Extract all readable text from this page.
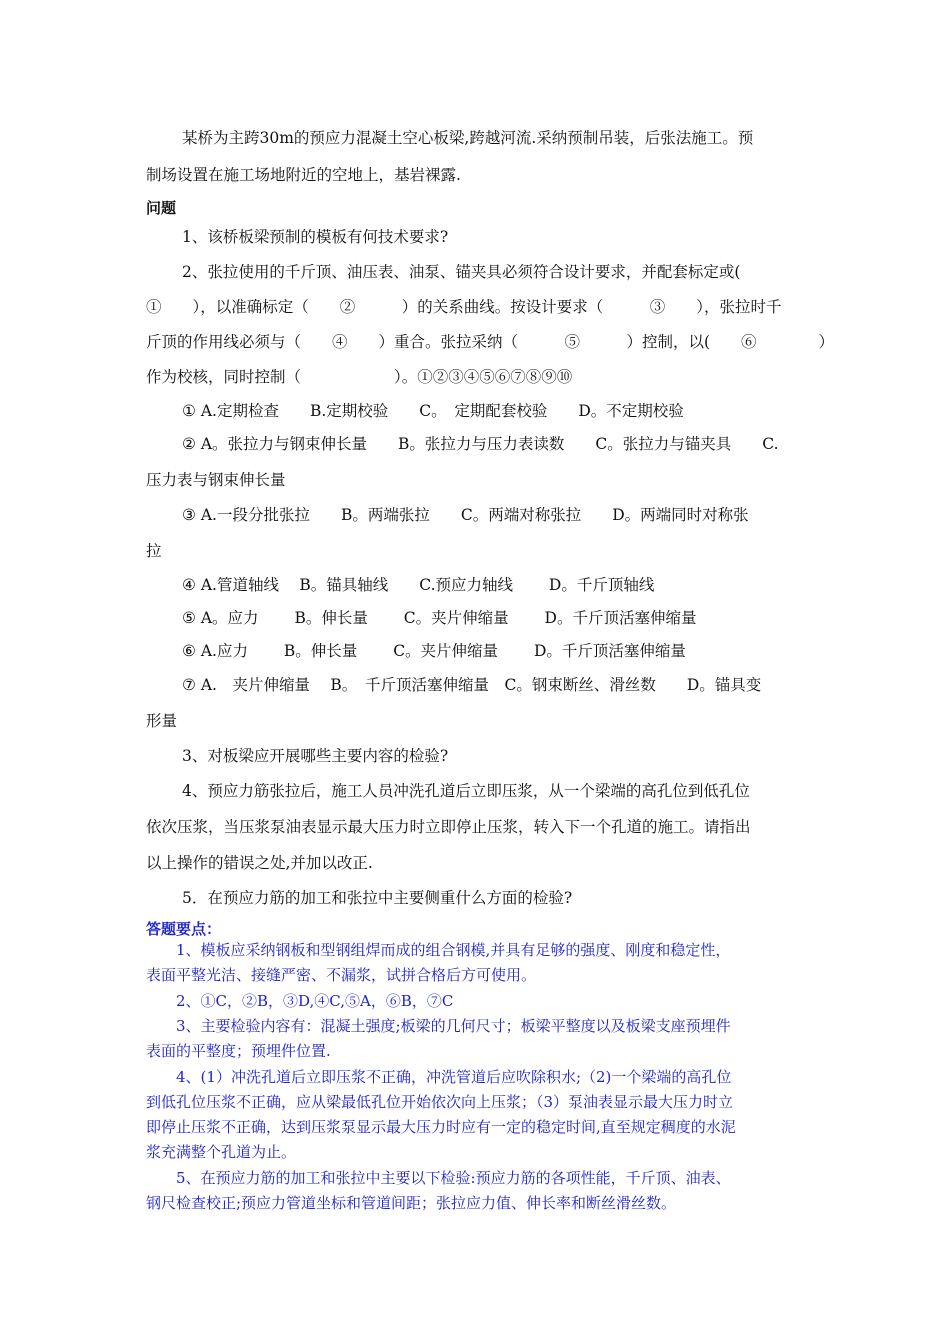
某桥为主跨30m的预应力混凝土空心板梁,跨越河流.采纳预制吊装，后张法施工。预
制场设置在施工场地附近的空地上，基岩裸露.
问题
1、该桥板梁预制的模板有何技术要求?
2、张拉使用的千斤顶、油压表、油泵、锚夹具必须符合设计要求，并配套标定或(
①　　），以准确标定（　　②　　　）的关系曲线。按设计要求（　　　③　　），张拉时千
斤顶的作用线必须与（　　④　　）重合。张拉采纳（　　　⑤　　　）控制，以(　　⑥　　　　）
作为校核，同时控制（　　　　　　）。①②③④⑤⑥⑦⑧⑨⑩
① A.定期检查　　B.定期校验　　C。　定期配套校验　　D。不定期校验
② A。张拉力与钢束伸长量　　B。张拉力与压力表读数　　C。张拉力与锚夹具　　C.
压力表与钢束伸长量
③ A.一段分批张拉　　B。两端张拉　　C。两端对称张拉　　D。两端同时对称张
拉
④ A.管道轴线　 B。锚具轴线　　C.预应力轴线　　 D。千斤顶轴线
⑤ A。应力　　 B。伸长量　　 C。夹片伸缩量　　 D。千斤顶活塞伸缩量
⑥ A.应力　　 B。伸长量　　 C。夹片伸缩量　　 D。千斤顶活塞伸缩量
⑦ A.　夹片伸缩量　 B。　千斤顶活塞伸缩量　C。钢束断丝、滑丝数　　D。锚具变
形量
3、对板梁应开展哪些主要内容的检验?
4、预应力筋张拉后，施工人员冲洗孔道后立即压浆，从一个梁端的高孔位到低孔位
依次压浆，当压浆泵油表显示最大压力时立即停止压浆，转入下一个孔道的施工。请指出
以上操作的错误之处,并加以改正.
5．在预应力筋的加工和张拉中主要侧重什么方面的检验?
答题要点：
1、模板应采纳钢板和型钢组焊而成的组合钢模,并具有足够的强度、刚度和稳定性，
表面平整光洁、接缝严密、不漏浆，试拼合格后方可使用。
2、①C，②B，③D,④C,⑤A，⑥B，⑦C
3、主要检验内容有：混凝土强度;板梁的几何尺寸；板梁平整度以及板梁支座预埋件
表面的平整度；预埋件位置.
4、(1）冲洗孔道后立即压浆不正确，冲洗管道后应吹除积水;（2)一个梁端的高孔位
到低孔位压浆不正确，应从梁最低孔位开始依次向上压浆；（3）泵油表显示最大压力时立
即停止压浆不正确，达到压浆泵显示最大压力时应有一定的稳定时间,直至规定稠度的水泥
浆充满整个孔道为止。
5、在预应力筋的加工和张拉中主要以下检验:预应力筋的各项性能，千斤顶、油表、
钢尺检查校正;预应力管道坐标和管道间距；张拉应力值、伸长率和断丝滑丝数。
